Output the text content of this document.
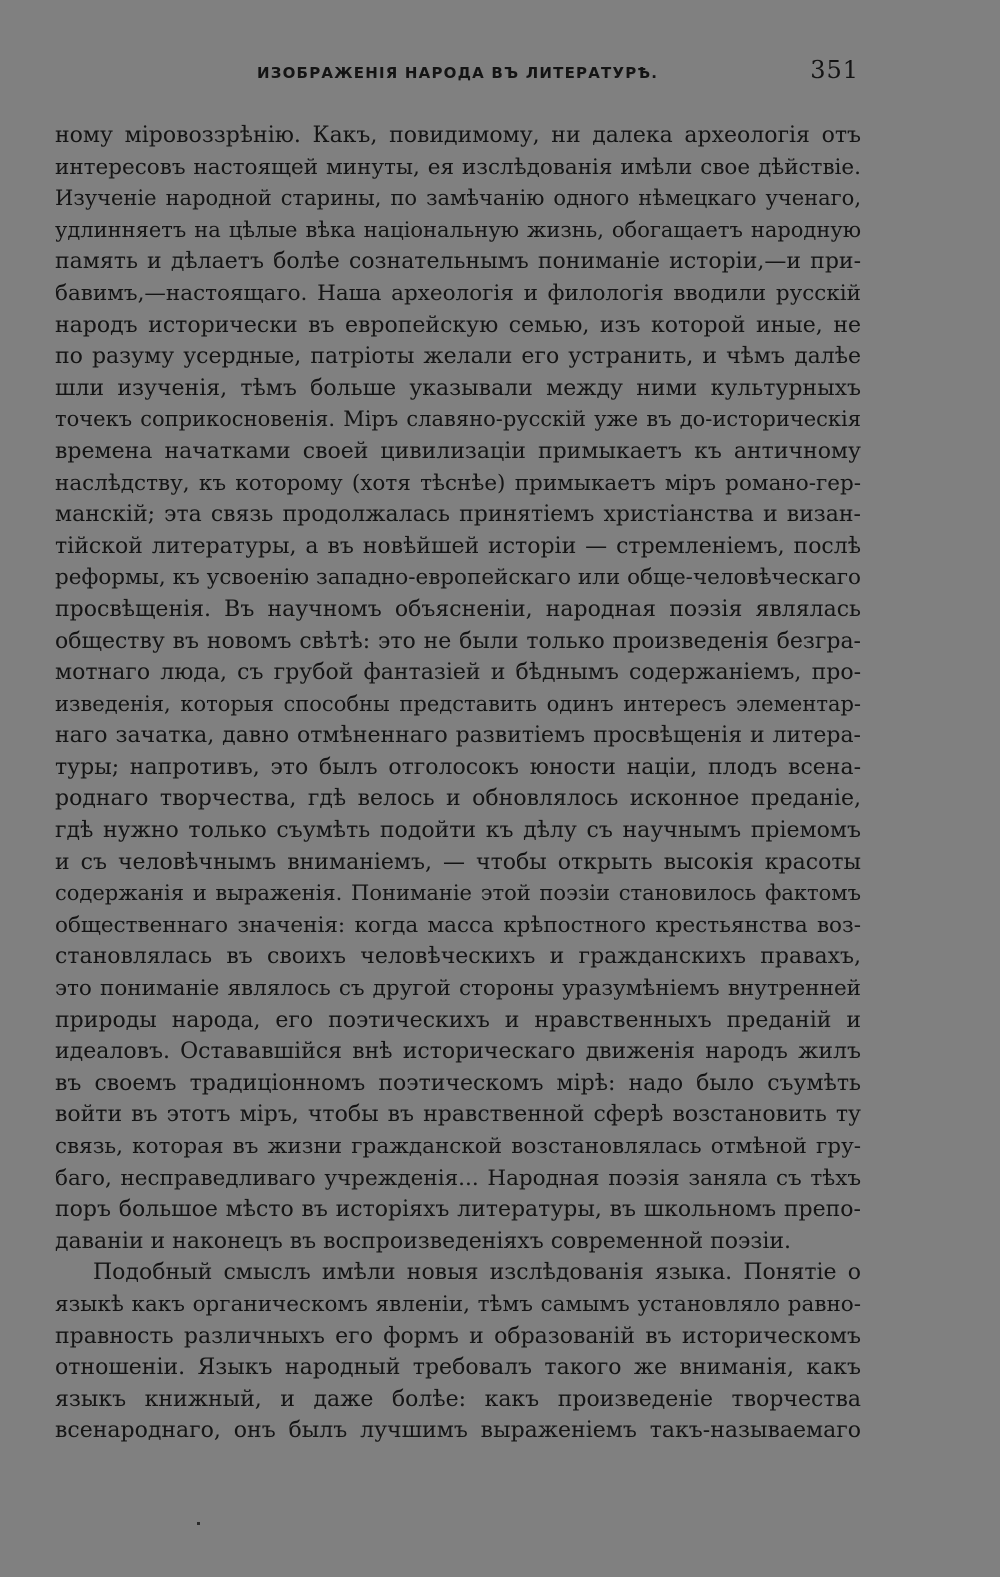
ИЗОБРАЖЕНІЯ НАРОДА ВЪ ЛИТЕРАТУРѢ.	351
ному міровоззрѣнію. Какъ, повидимому, ни далека археологія отъ
интересовъ настоящей минуты, ея изслѣдованія имѣли свое дѣйствіе.
Изученіе народной старины, по замѣчанію одного нѣмецкаго ученаго,
удлинняетъ на цѣлые вѣка національную жизнь, обогащаетъ народную
память и дѣлаетъ болѣе сознательнымъ пониманіе исторіи,—и при-
бавимъ,—настоящаго. Наша археологія и филологія вводили русскій
народъ исторически въ европейскую семью, изъ которой иные, не
по разуму усердные, патріоты желали его устранить, и чѣмъ далѣе
шли изученія, тѣмъ больше указывали между ними культурныхъ
точекъ соприкосновенія. Міръ славяно-русскій уже въ до-историческія
времена начатками своей цивилизаціи примыкаетъ къ античному
наслѣдству, къ которому (хотя тѣснѣе) примыкаетъ міръ романо-гер-
манскій; эта связь продолжалась принятіемъ христіанства и визан-
тійской литературы, а въ новѣйшей исторіи — стремленіемъ, послѣ
реформы, къ усвоенію западно-европейскаго или обще-человѣческаго
просвѣщенія. Въ научномъ объясненіи, народная поэзія являлась
обществу въ новомъ свѣтѣ: это не были только произведенія безгра-
мотнаго люда, съ грубой фантазіей и бѣднымъ содержаніемъ, про-
изведенія, которыя способны представить одинъ интересъ элементар-
наго зачатка, давно отмѣненнаго развитіемъ просвѣщенія и литера-
туры; напротивъ, это былъ отголосокъ юности націи, плодъ всена-
роднаго творчества, гдѣ велось и обновлялось исконное преданіе,
гдѣ нужно только съумѣть подойти къ дѣлу съ научнымъ пріемомъ
и съ человѣчнымъ вниманіемъ, — чтобы открыть высокія красоты
содержанія и выраженія. Пониманіе этой поэзіи становилось фактомъ
общественнаго значенія: когда масса крѣпостного крестьянства воз-
становлялась въ своихъ человѣческихъ и гражданскихъ правахъ,
это пониманіе являлось съ другой стороны уразумѣніемъ внутренней
природы народа, его поэтическихъ и нравственныхъ преданій и
идеаловъ. Остававшійся внѣ историческаго движенія народъ жилъ
въ своемъ традиціонномъ поэтическомъ мірѣ: надо было съумѣть
войти въ этотъ міръ, чтобы въ нравственной сферѣ возстановить ту
связь, которая въ жизни гражданской возстановлялась отмѣной гру-
баго, несправедливаго учрежденія... Народная поэзія заняла съ тѣхъ
поръ большое мѣсто въ исторіяхъ литературы, въ школьномъ препо-
даваніи и наконецъ въ воспроизведеніяхъ современной поэзіи.
Подобный смыслъ имѣли новыя изслѣдованія языка. Понятіе о
языкѣ какъ органическомъ явленіи, тѣмъ самымъ установляло равно-
правность различныхъ его формъ и образованій въ историческомъ
отношеніи. Языкъ народный требовалъ такого же вниманія, какъ
языкъ книжный, и даже болѣе: какъ произведеніе творчества
всенароднаго, онъ былъ лучшимъ выраженіемъ такъ-называемаго
